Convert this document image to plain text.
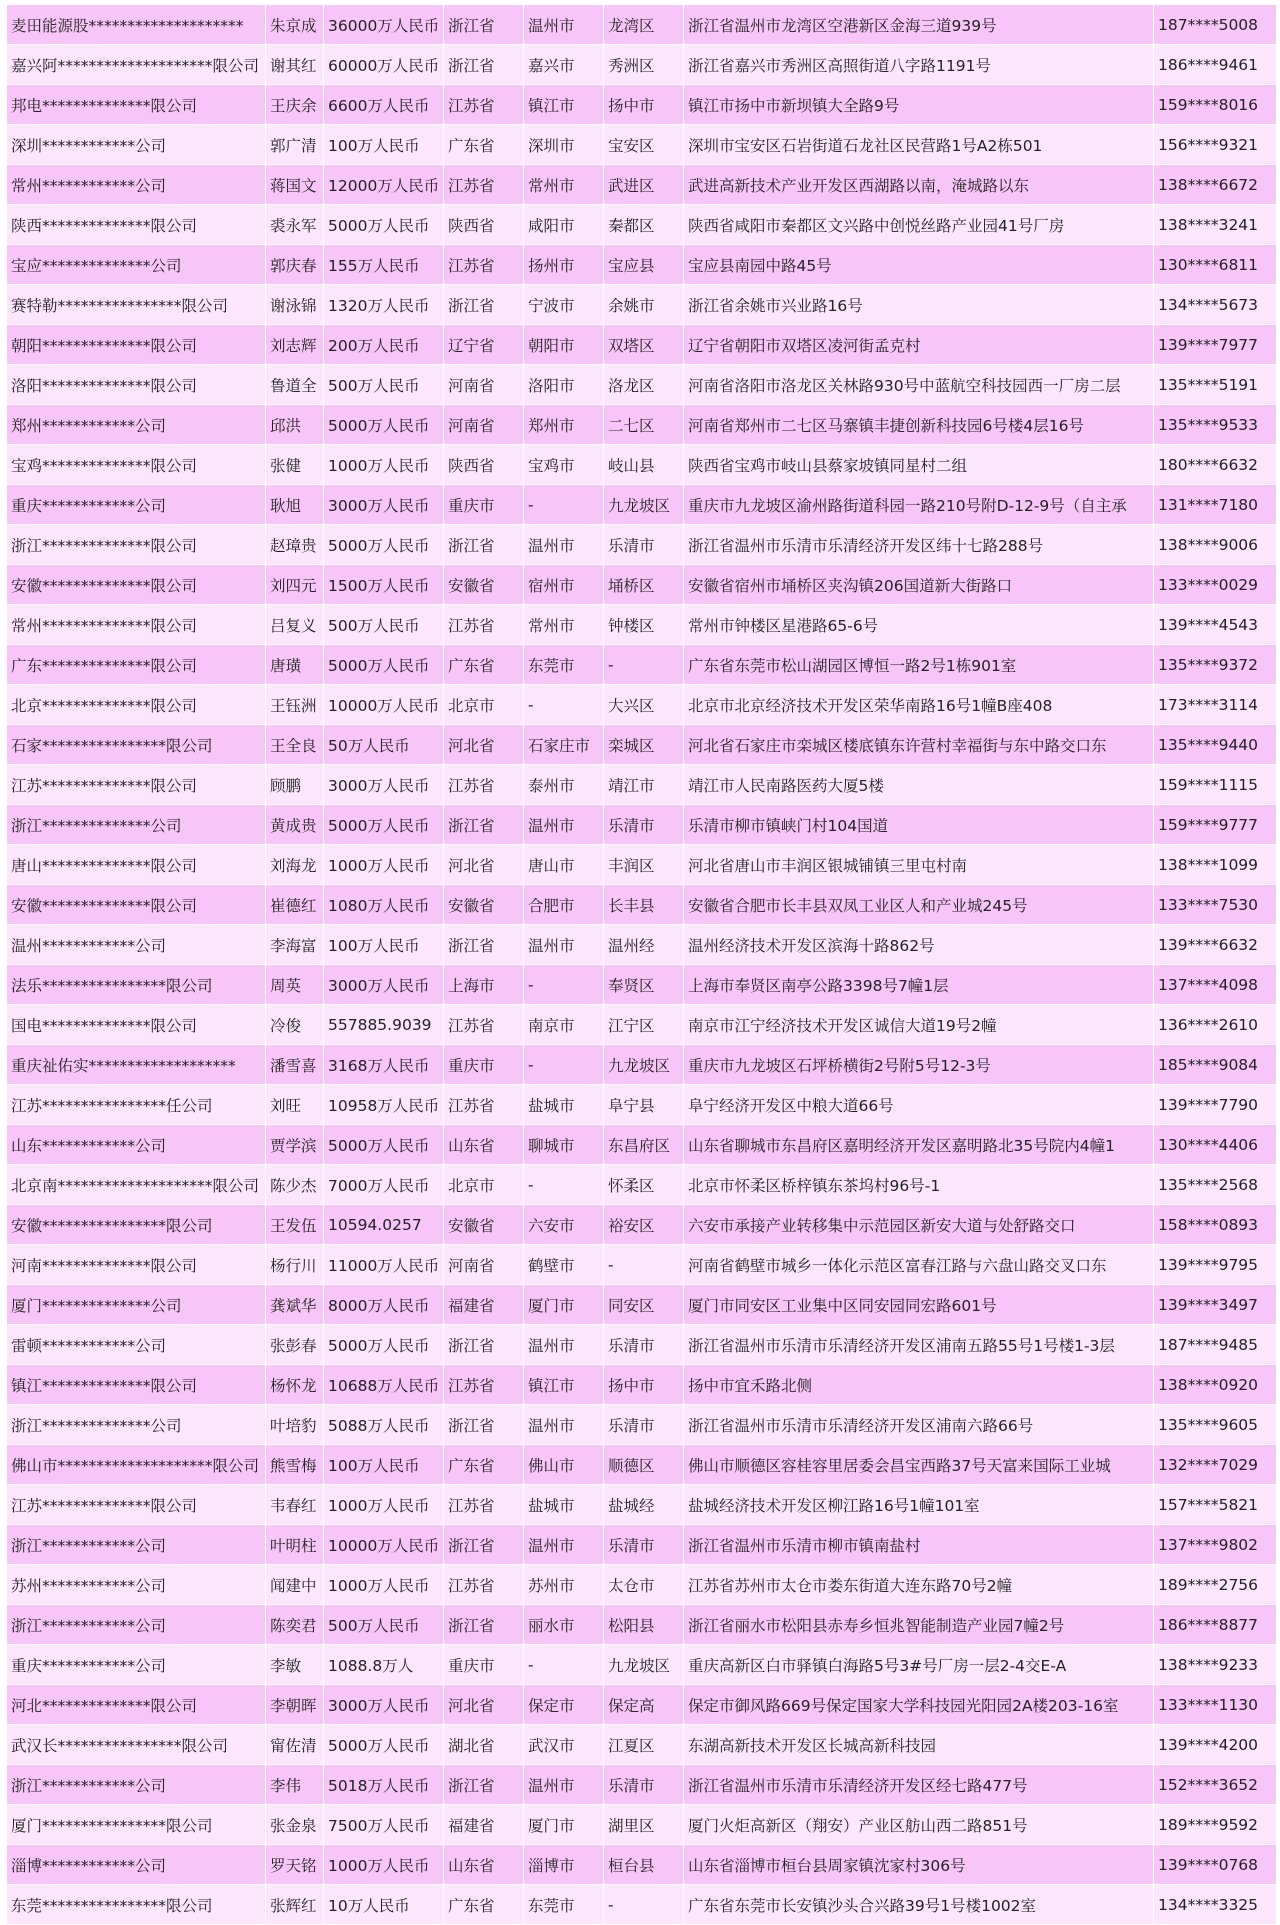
麦田能源股********************	朱京成	36000万人民币	浙江省	温州市	龙湾区	浙江省温州市龙湾区空港新区金海三道939号	187****5008
嘉兴阿********************限公司	谢其红	60000万人民币	浙江省	嘉兴市	秀洲区	浙江省嘉兴市秀洲区高照街道八字路1191号	186****9461
邦电**************限公司	王庆余	6600万人民币	江苏省	镇江市	扬中市	镇江市扬中市新坝镇大全路9号	159****8016
深圳************公司	郭广清	100万人民币	广东省	深圳市	宝安区	深圳市宝安区石岩街道石龙社区民营路1号A2栋501	156****9321
常州************公司	蒋国文	12000万人民币	江苏省	常州市	武进区	武进高新技术产业开发区西湖路以南，淹城路以东	138****6672
陕西**************限公司	裘永军	5000万人民币	陕西省	咸阳市	秦都区	陕西省咸阳市秦都区文兴路中创悦丝路产业园41号厂房	138****3241
宝应**************公司	郭庆春	155万人民币	江苏省	扬州市	宝应县	宝应县南园中路45号	130****6811
赛特勒****************限公司	谢泳锦	1320万人民币	浙江省	宁波市	余姚市	浙江省余姚市兴业路16号	134****5673
朝阳**************限公司	刘志辉	200万人民币	辽宁省	朝阳市	双塔区	辽宁省朝阳市双塔区凌河街孟克村	139****7977
洛阳**************限公司	鲁道全	500万人民币	河南省	洛阳市	洛龙区	河南省洛阳市洛龙区关林路930号中蓝航空科技园西一厂房二层	135****5191
郑州************公司	邱洪	5000万人民币	河南省	郑州市	二七区	河南省郑州市二七区马寨镇丰捷创新科技园6号楼4层16号	135****9533
宝鸡**************限公司	张健	1000万人民币	陕西省	宝鸡市	岐山县	陕西省宝鸡市岐山县蔡家坡镇同星村二组	180****6632
重庆************公司	耿旭	3000万人民币	重庆市	-	九龙坡区	重庆市九龙坡区渝州路街道科园一路210号附D-12-9号（自主承	131****7180
浙江**************限公司	赵璋贵	5000万人民币	浙江省	温州市	乐清市	浙江省温州市乐清市乐清经济开发区纬十七路288号	138****9006
安徽**************限公司	刘四元	1500万人民币	安徽省	宿州市	埇桥区	安徽省宿州市埇桥区夹沟镇206国道新大街路口	133****0029
常州**************限公司	吕复义	500万人民币	江苏省	常州市	钟楼区	常州市钟楼区星港路65-6号	139****4543
广东**************限公司	唐璜	5000万人民币	广东省	东莞市	-	广东省东莞市松山湖园区博恒一路2号1栋901室	135****9372
北京**************限公司	王钰洲	10000万人民币	北京市	-	大兴区	北京市北京经济技术开发区荣华南路16号1幢B座408	173****3114
石家****************限公司	王全良	50万人民币	河北省	石家庄市	栾城区	河北省石家庄市栾城区楼底镇东许营村幸福街与东中路交口东	135****9440
江苏**************限公司	顾鹏	3000万人民币	江苏省	泰州市	靖江市	靖江市人民南路医药大厦5楼	159****1115
浙江**************公司	黄成贵	5000万人民币	浙江省	温州市	乐清市	乐清市柳市镇峡门村104国道	159****9777
唐山**************限公司	刘海龙	1000万人民币	河北省	唐山市	丰润区	河北省唐山市丰润区银城铺镇三里屯村南	138****1099
安徽**************限公司	崔德红	1080万人民币	安徽省	合肥市	长丰县	安徽省合肥市长丰县双凤工业区人和产业城245号	133****7530
温州************公司	李海富	100万人民币	浙江省	温州市	温州经	温州经济技术开发区滨海十路862号	139****6632
法乐****************限公司	周英	3000万人民币	上海市	-	奉贤区	上海市奉贤区南亭公路3398号7幢1层	137****4098
国电**************限公司	冷俊	557885.9039	江苏省	南京市	江宁区	南京市江宁经济技术开发区诚信大道19号2幢	136****2610
重庆祉佑实*******************	潘雪喜	3168万人民币	重庆市	-	九龙坡区	重庆市九龙坡区石坪桥横街2号附5号12-3号	185****9084
江苏****************任公司	刘旺	10958万人民币	江苏省	盐城市	阜宁县	阜宁经济开发区中粮大道66号	139****7790
山东************公司	贾学滨	5000万人民币	山东省	聊城市	东昌府区	山东省聊城市东昌府区嘉明经济开发区嘉明路北35号院内4幢1	130****4406
北京南********************限公司	陈少杰	7000万人民币	北京市	-	怀柔区	北京市怀柔区桥梓镇东茶坞村96号-1	135****2568
安徽****************限公司	王发伍	10594.0257	安徽省	六安市	裕安区	六安市承接产业转移集中示范园区新安大道与处舒路交口	158****0893
河南**************限公司	杨行川	11000万人民币	河南省	鹤壁市	-	河南省鹤壁市城乡一体化示范区富春江路与六盘山路交叉口东	139****9795
厦门**************公司	龚斌华	8000万人民币	福建省	厦门市	同安区	厦门市同安区工业集中区同安园同宏路601号	139****3497
雷顿************公司	张彭春	5000万人民币	浙江省	温州市	乐清市	浙江省温州市乐清市乐清经济开发区浦南五路55号1号楼1-3层	187****9485
镇江**************限公司	杨怀龙	10688万人民币	江苏省	镇江市	扬中市	扬中市宜禾路北侧	138****0920
浙江**************公司	叶培豹	5088万人民币	浙江省	温州市	乐清市	浙江省温州市乐清市乐清经济开发区浦南六路66号	135****9605
佛山市********************限公司	熊雪梅	100万人民币	广东省	佛山市	顺德区	佛山市顺德区容桂容里居委会昌宝西路37号天富来国际工业城	132****7029
江苏**************限公司	韦春红	1000万人民币	江苏省	盐城市	盐城经	盐城经济技术开发区柳江路16号1幢101室	157****5821
浙江************公司	叶明柱	10000万人民币	浙江省	温州市	乐清市	浙江省温州市乐清市柳市镇南盐村	137****9802
苏州************公司	闻建中	1000万人民币	江苏省	苏州市	太仓市	江苏省苏州市太仓市娄东街道大连东路70号2幢	189****2756
浙江************公司	陈奕君	500万人民币	浙江省	丽水市	松阳县	浙江省丽水市松阳县赤寿乡恒兆智能制造产业园7幢2号	186****8877
重庆************公司	李敏	1088.8万人	重庆市	-	九龙坡区	重庆高新区白市驿镇白海路5号3#号厂房一层2-4交E-A	138****9233
河北**************限公司	李朝晖	3000万人民币	河北省	保定市	保定高	保定市御风路669号保定国家大学科技园光阳园2A楼203-16室	133****1130
武汉长****************限公司	甯佐清	5000万人民币	湖北省	武汉市	江夏区	东湖高新技术开发区长城高新科技园	139****4200
浙江************公司	李伟	5018万人民币	浙江省	温州市	乐清市	浙江省温州市乐清市乐清经济开发区经七路477号	152****3652
厦门****************限公司	张金泉	7500万人民币	福建省	厦门市	湖里区	厦门火炬高新区（翔安）产业区舫山西二路851号	189****9592
淄博************公司	罗天铭	1000万人民币	山东省	淄博市	桓台县	山东省淄博市桓台县周家镇沈家村306号	139****0768
东莞****************限公司	张辉红	10万人民币	广东省	东莞市	-	广东省东莞市长安镇沙头合兴路39号1号楼1002室	134****3325
